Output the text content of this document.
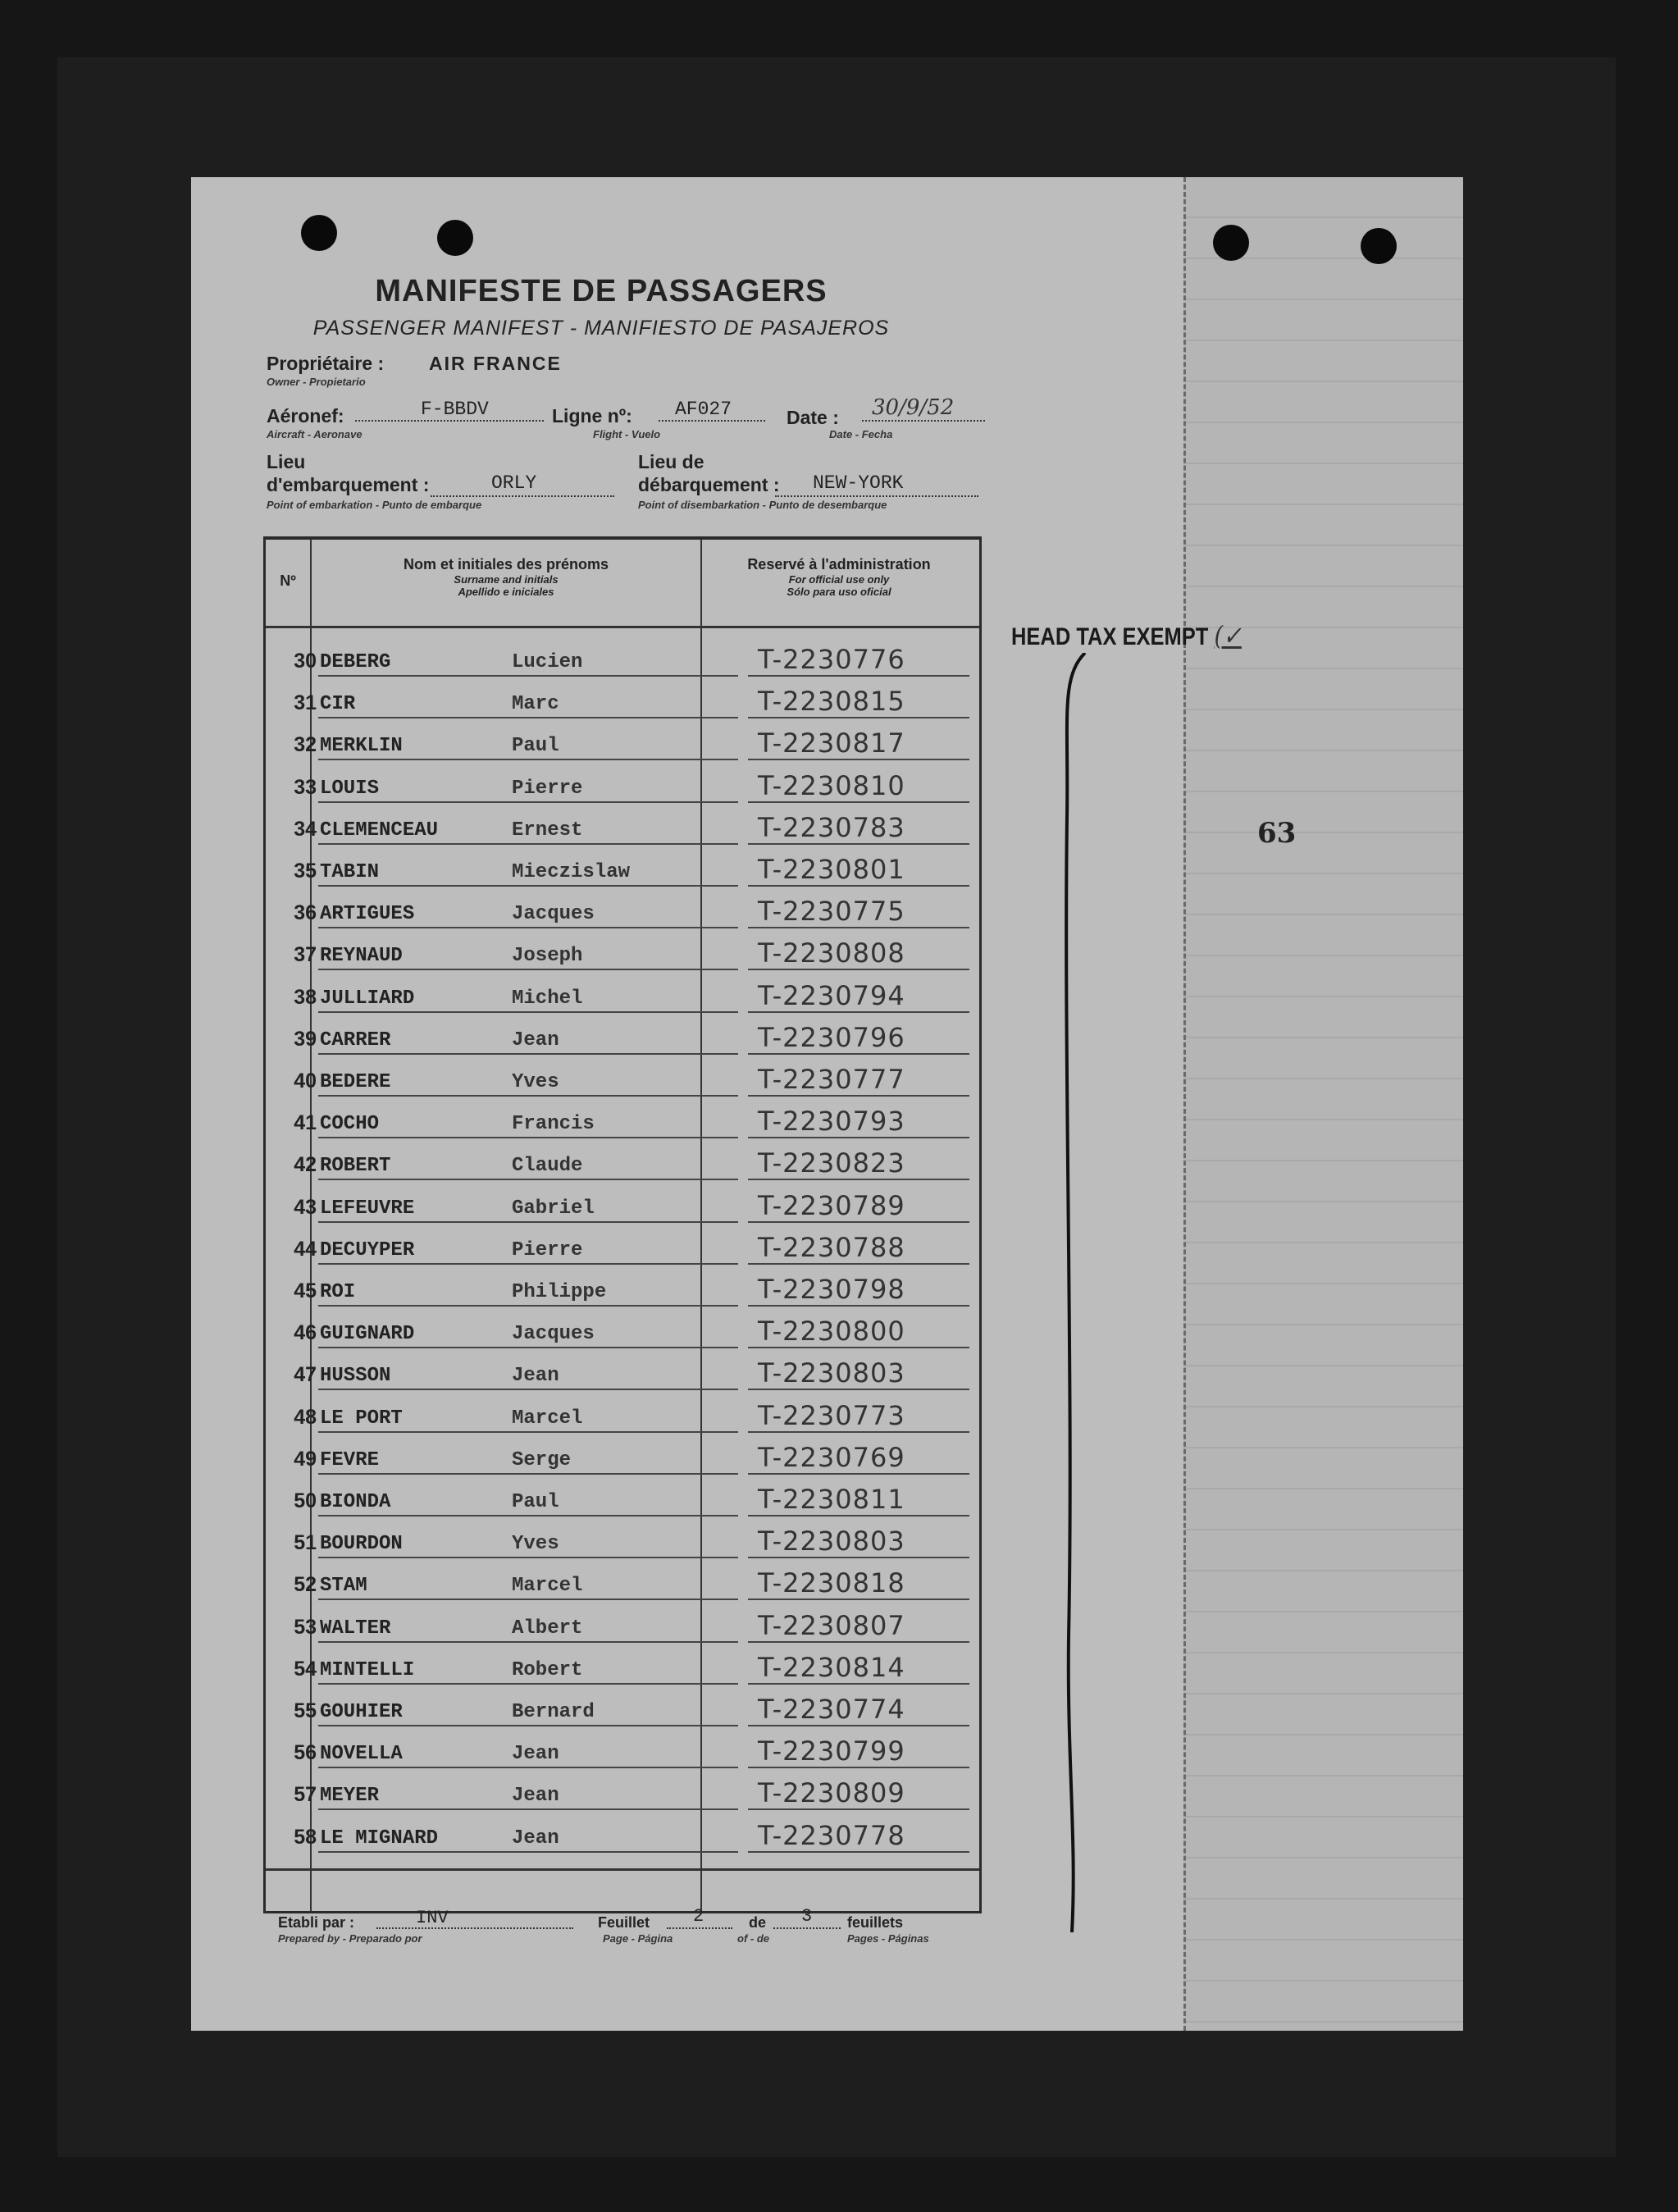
MANIFESTE DE PASSAGERS
PASSENGER MANIFEST - MANIFIESTO DE PASAJEROS
Propriétaire : AIR FRANCE
Owner - Propietario
Aéronef:	F-BBDV
Aircraft - Aeronave
Ligne nº: AF027
Flight - Vuelo
Date : 30/9/52
Date - Fecha
Lieu
d'embarquement :	ORLY
Point of embarkation - Punto de embarque
Lieu de
débarquement : NEW-YORK
Point of disembarkation - Punto de desembarque
Nº
Nom et initiales des prénoms
Surname and initials
Apellido e iniciales
Reservé à l'administration
For official use only
Sólo para uso oficial
30 DEBERG	Lucien	T-2230776
31 CIR	Marc	T-2230815
32 MERKLIN	Paul	T-2230817
33 LOUIS	Pierre	T-2230810
34 CLEMENCEAU	Ernest	T-2230783
35 TABIN	Mieczislaw	T-2230801
36 ARTIGUES	Jacques	T-2230775
37 REYNAUD	Joseph	T-2230808
38 JULLIARD	Michel	T-2230794
39 CARRER	Jean	T-2230796
40 BEDERE	Yves	T-2230777
41 COCHO	Francis	T-2230793
42 ROBERT	Claude	T-2230823
43 LEFEUVRE	Gabriel	T-2230789
44 DECUYPER	Pierre	T-2230788
45 ROI	Philippe	T-2230798
46 GUIGNARD	Jacques	T-2230800
47 HUSSON	Jean	T-2230803
48 LE PORT	Marcel	T-2230773
49 FEVRE	Serge	T-2230769
50 BIONDA	Paul	T-2230811
51 BOURDON	Yves	T-2230803
52 STAM	Marcel	T-2230818
53 WALTER	Albert	T-2230807
54 MINTELLI	Robert	T-2230814
55 GOUHIER	Bernard	T-2230774
56 NOVELLA	Jean	T-2230799
57 MEYER	Jean	T-2230809
58 LE MIGNARD	Jean	T-2230778
Etabli par :	INV
Prepared by - Preparado por
Feuillet 2
Page - Página
de 3
of - de
feuillets
Pages - Páginas
HEAD TAX EXEMPT (✓
63
